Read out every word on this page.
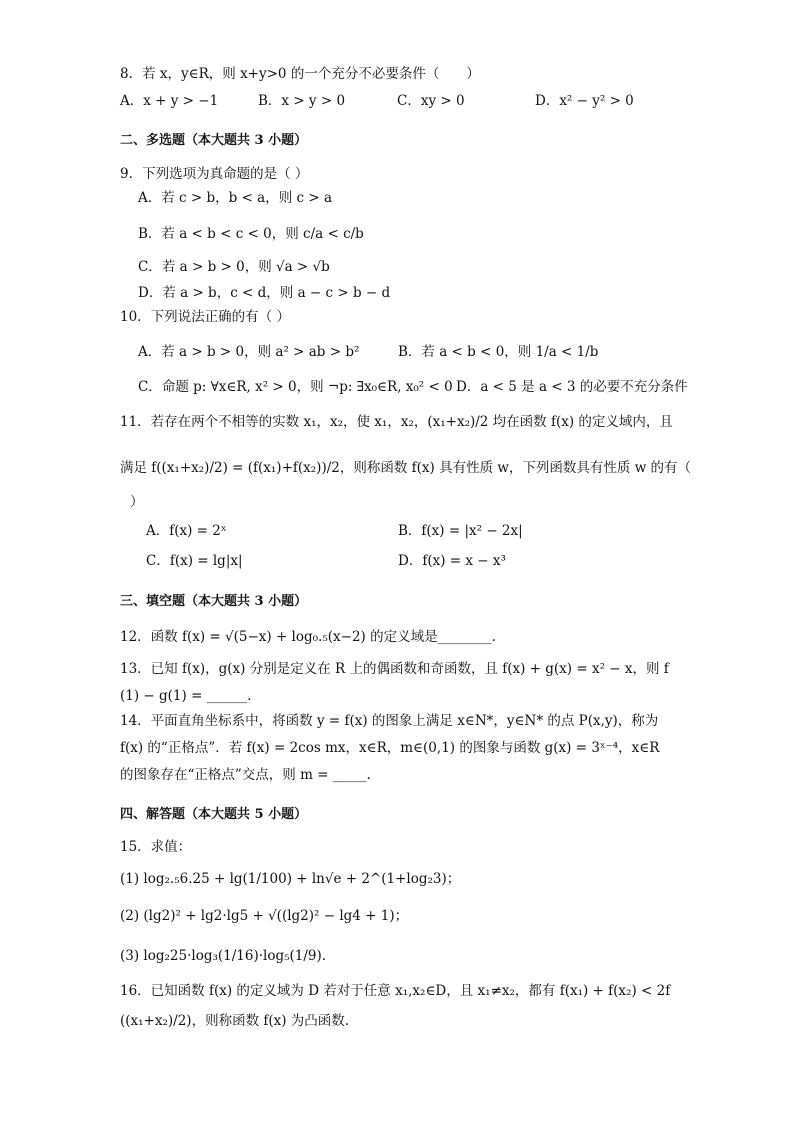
8．若 x，y∈R，则 x+y>0 的一个充分不必要条件（　　）
A．x + y > −1	B．x > y > 0	C．xy > 0	D．x² − y² > 0
二、多选题（本大题共 3 小题）
9．下列选项为真命题的是（ ）
A．若 c > b，b < a，则 c > a
B．若 a < b < c < 0，则 c/a < c/b
C．若 a > b > 0，则 √a > √b
D．若 a > b，c < d，则 a − c > b − d
10．下列说法正确的有（ ）
A．若 a > b > 0，则 a² > ab > b²	B．若 a < b < 0，则 1/a < 1/b
C．命题 p: ∀x∈R, x² > 0，则 ¬p: ∃x₀∈R, x₀² < 0 D．a < 5 是 a < 3 的必要不充分条件
11．若存在两个不相等的实数 x₁，x₂，使 x₁，x₂，(x₁+x₂)/2 均在函数 f(x) 的定义域内，且
满足 f((x₁+x₂)/2) = (f(x₁)+f(x₂))/2，则称函数 f(x) 具有性质 w，下列函数具有性质 w 的有（
）
A．f(x) = 2ˣ	B．f(x) = |x² − 2x|
C．f(x) = lg|x|	D．f(x) = x − x³
三、填空题（本大题共 3 小题）
12．函数 f(x) = √(5−x) + log₀.₅(x−2) 的定义域是________.
13．已知 f(x)，g(x) 分别是定义在 R 上的偶函数和奇函数，且 f(x) + g(x) = x² − x，则 f
(1) − g(1) = ______.
14．平面直角坐标系中，将函数 y = f(x) 的图象上满足 x∈N*，y∈N* 的点 P(x,y)，称为
f(x) 的“正格点”．若 f(x) = 2cos mx，x∈R，m∈(0,1) 的图象与函数 g(x) = 3ˣ⁻⁴，x∈R
的图象存在“正格点”交点，则 m = _____.
四、解答题（本大题共 5 小题）
15．求值：
(1) log₂.₅6.25 + lg(1/100) + ln√e + 2^(1+log₂3)；
(2) (lg2)² + lg2·lg5 + √((lg2)² − lg4 + 1)；
(3) log₂25·log₃(1/16)·log₅(1/9).
16．已知函数 f(x) 的定义域为 D 若对于任意 x₁,x₂∈D，且 x₁≠x₂，都有 f(x₁) + f(x₂) < 2f
((x₁+x₂)/2)，则称函数 f(x) 为凸函数.
